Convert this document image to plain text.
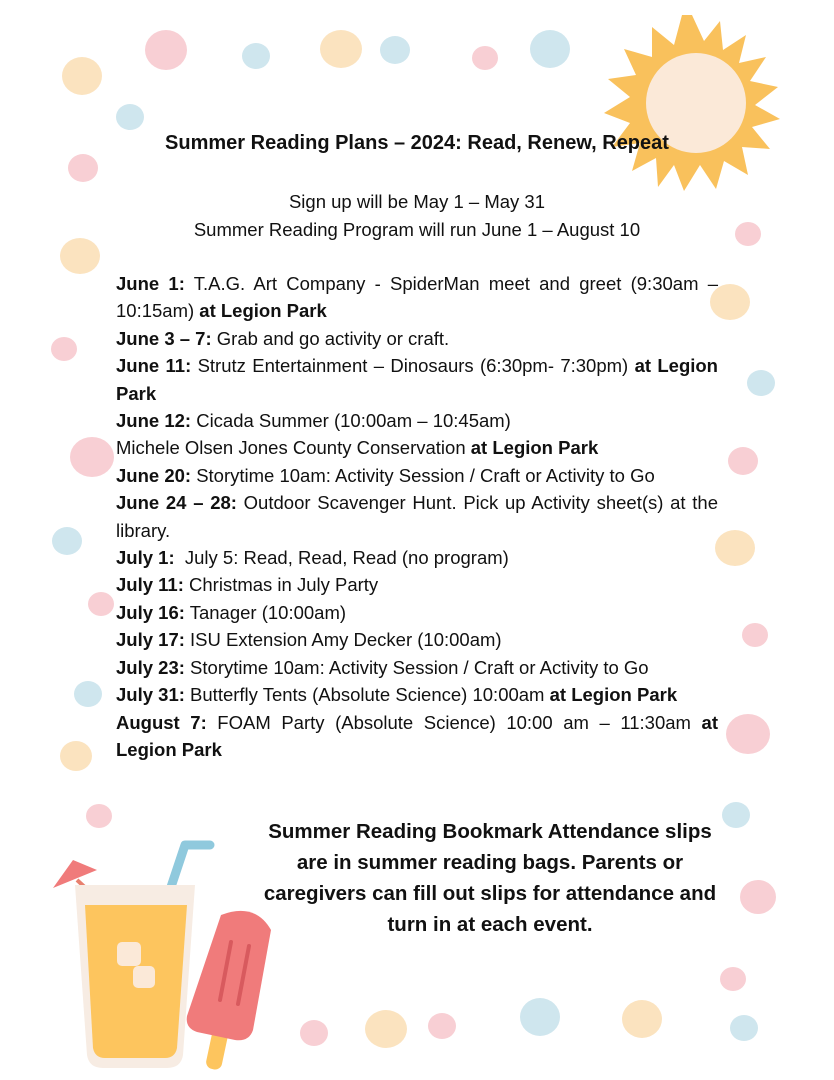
Summer Reading Plans – 2024: Read, Renew, Repeat
Sign up will be May 1 – May 31
Summer Reading Program will run June 1 – August 10

June 1: T.A.G. Art Company - SpiderMan meet and greet (9:30am – 10:15am) at Legion Park

June 3 – 7: Grab and go activity or craft.

June 11: Strutz Entertainment – Dinosaurs (6:30pm- 7:30pm) at Legion Park

June 12: Cicada Summer (10:00am – 10:45am)

Michele Olsen Jones County Conservation at Legion Park

June 20: Storytime 10am: Activity Session / Craft or Activity to Go

June 24 – 28: Outdoor Scavenger Hunt. Pick up Activity sheet(s) at the library.

July 1:  July 5: Read, Read, Read (no program)

July 11: Christmas in July Party

July 16: Tanager (10:00am)

July 17: ISU Extension Amy Decker (10:00am)

July 23: Storytime 10am: Activity Session / Craft or Activity to Go

July 31: Butterfly Tents (Absolute Science) 10:00am at Legion Park

August 7: FOAM Party (Absolute Science) 10:00 am – 11:30am at Legion Park

Summer Reading Bookmark Attendance slips are in summer reading bags. Parents or caregivers can fill out slips for attendance and turn in at each event.
